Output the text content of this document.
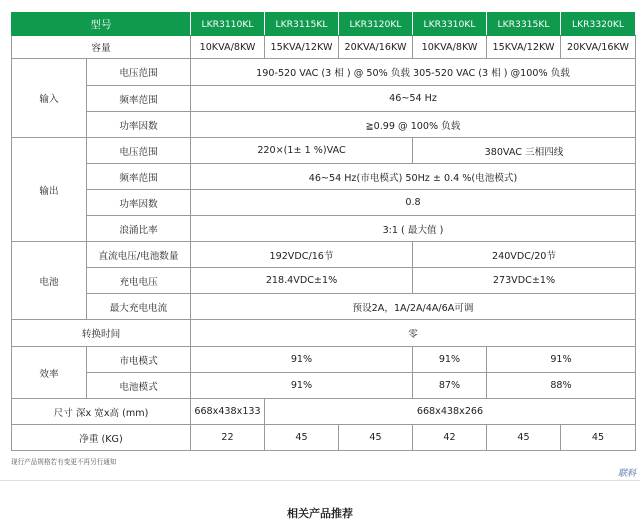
型号		LKR3110KL	LKR3115KL	LKR3120KL	LKR3310KL	LKR3315KL	LKR3320KL
容量		10KVA/8KW	15KVA/12KW	20KVA/16KW	10KVA/8KW	15KVA/12KW	20KVA/16KW
输入	电压范围	190-520 VAC (3 相 ) @ 50% 负载 305-520 VAC (3 相 ) @100% 负载					
	频率范围	46~54 Hz					
	功率因数	≧0.99 @ 100% 负载					
输出	电压范围	220×(1± 1 %)VAC			380VAC 三相四线		
	频率范围	46~54 Hz(市电模式) 50Hz ± 0.4 %(电池模式)					
	功率因数	0.8					
	浪涌比率	3:1 ( 最大值 )					
电池	直流电压/电池数量	192VDC/16节			240VDC/20节		
	充电电压	218.4VDC±1%			273VDC±1%		
	最大充电电流	预设2A，1A/2A/4A/6A可调					
转换时间		零					
效率	市电模式	91%			91%	91%	
	电池模式	91%			87%	88%	
尺寸 深x 宽x高 (mm)		668x438x133	668x438x266				
净重 (KG)		22	45	45	42	45	45
现行产品规格若有变更不再另行通知
联科
相关产品推荐
